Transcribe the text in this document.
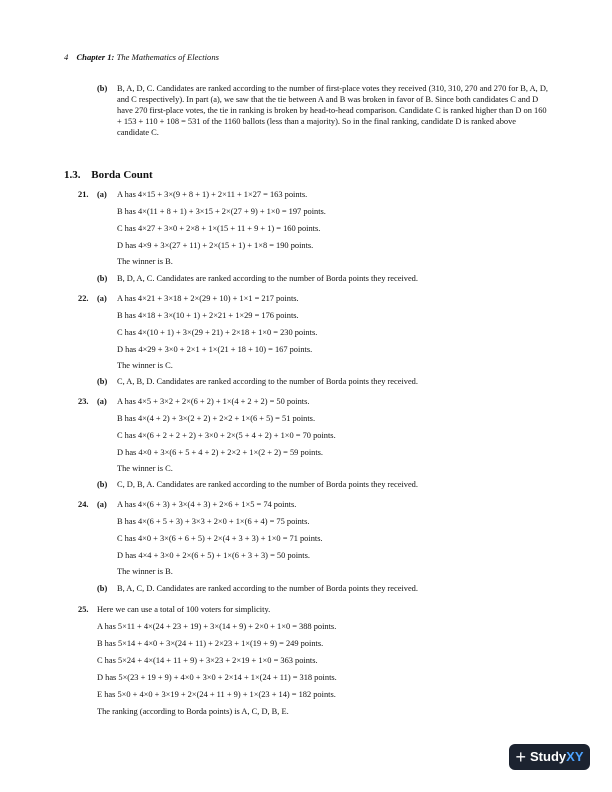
4 Chapter 1: The Mathematics of Elections
(b) B, A, D, C. Candidates are ranked according to the number of first-place votes they received (310, 310, 270 and 270 for B, A, D, and C respectively). In part (a), we saw that the tie between A and B was broken in favor of B. Since both candidates C and D have 270 first-place votes, the tie in ranking is broken by head-to-head comparison. Candidate C is ranked higher than D on 160 + 153 + 110 + 108 = 531 of the 1160 ballots (less than a majority). So in the final ranking, candidate D is ranked above candidate C.
1.3. Borda Count
21. (a) A has 4×15 + 3×(9 + 8 + 1) + 2×11 + 1×27 = 163 points.
B has 4×(11 + 8 + 1) + 3×15 + 2×(27 + 9) + 1×0 = 197 points.
C has 4×27 + 3×0 + 2×8 + 1×(15 + 11 + 9 + 1) = 160 points.
D has 4×9 + 3×(27 + 11) + 2×(15 + 1) + 1×8 = 190 points.
The winner is B.
(b) B, D, A, C. Candidates are ranked according to the number of Borda points they received.
22. (a) A has 4×21 + 3×18 + 2×(29 + 10) + 1×1 = 217 points.
B has 4×18 + 3×(10 + 1) + 2×21 + 1×29 = 176 points.
C has 4×(10 + 1) + 3×(29 + 21) + 2×18 + 1×0 = 230 points.
D has 4×29 + 3×0 + 2×1 + 1×(21 + 18 + 10) = 167 points.
The winner is C.
(b) C, A, B, D. Candidates are ranked according to the number of Borda points they received.
23. (a) A has 4×5 + 3×2 + 2×(6 + 2) + 1×(4 + 2 + 2) = 50 points.
B has 4×(4 + 2) + 3×(2 + 2) + 2×2 + 1×(6 + 5) = 51 points.
C has 4×(6 + 2 + 2 + 2) + 3×0 + 2×(5 + 4 + 2) + 1×0 = 70 points.
D has 4×0 + 3×(6 + 5 + 4 + 2) + 2×2 + 1×(2 + 2) = 59 points.
The winner is C.
(b) C, D, B, A. Candidates are ranked according to the number of Borda points they received.
24. (a) A has 4×(6 + 3) + 3×(4 + 3) + 2×6 + 1×5 = 74 points.
B has 4×(6 + 5 + 3) + 3×3 + 2×0 + 1×(6 + 4) = 75 points.
C has 4×0 + 3×(6 + 6 + 5) + 2×(4 + 3 + 3) + 1×0 = 71 points.
D has 4×4 + 3×0 + 2×(6 + 5) + 1×(6 + 3 + 3) = 50 points.
The winner is B.
(b) B, A, C, D. Candidates are ranked according to the number of Borda points they received.
25. Here we can use a total of 100 voters for simplicity.
A has 5×11 + 4×(24 + 23 + 19) + 3×(14 + 9) + 2×0 + 1×0 = 388 points.
B has 5×14 + 4×0 + 3×(24 + 11) + 2×23 + 1×(19 + 9) = 249 points.
C has 5×24 + 4×(14 + 11 + 9) + 3×23 + 2×19 + 1×0 = 363 points.
D has 5×(23 + 19 + 9) + 4×0 + 3×0 + 2×14 + 1×(24 + 11) = 318 points.
E has 5×0 + 4×0 + 3×19 + 2×(24 + 11 + 9) + 1×(23 + 14) = 182 points.
The ranking (according to Borda points) is A, C, D, B, E.
+ StudyXY
